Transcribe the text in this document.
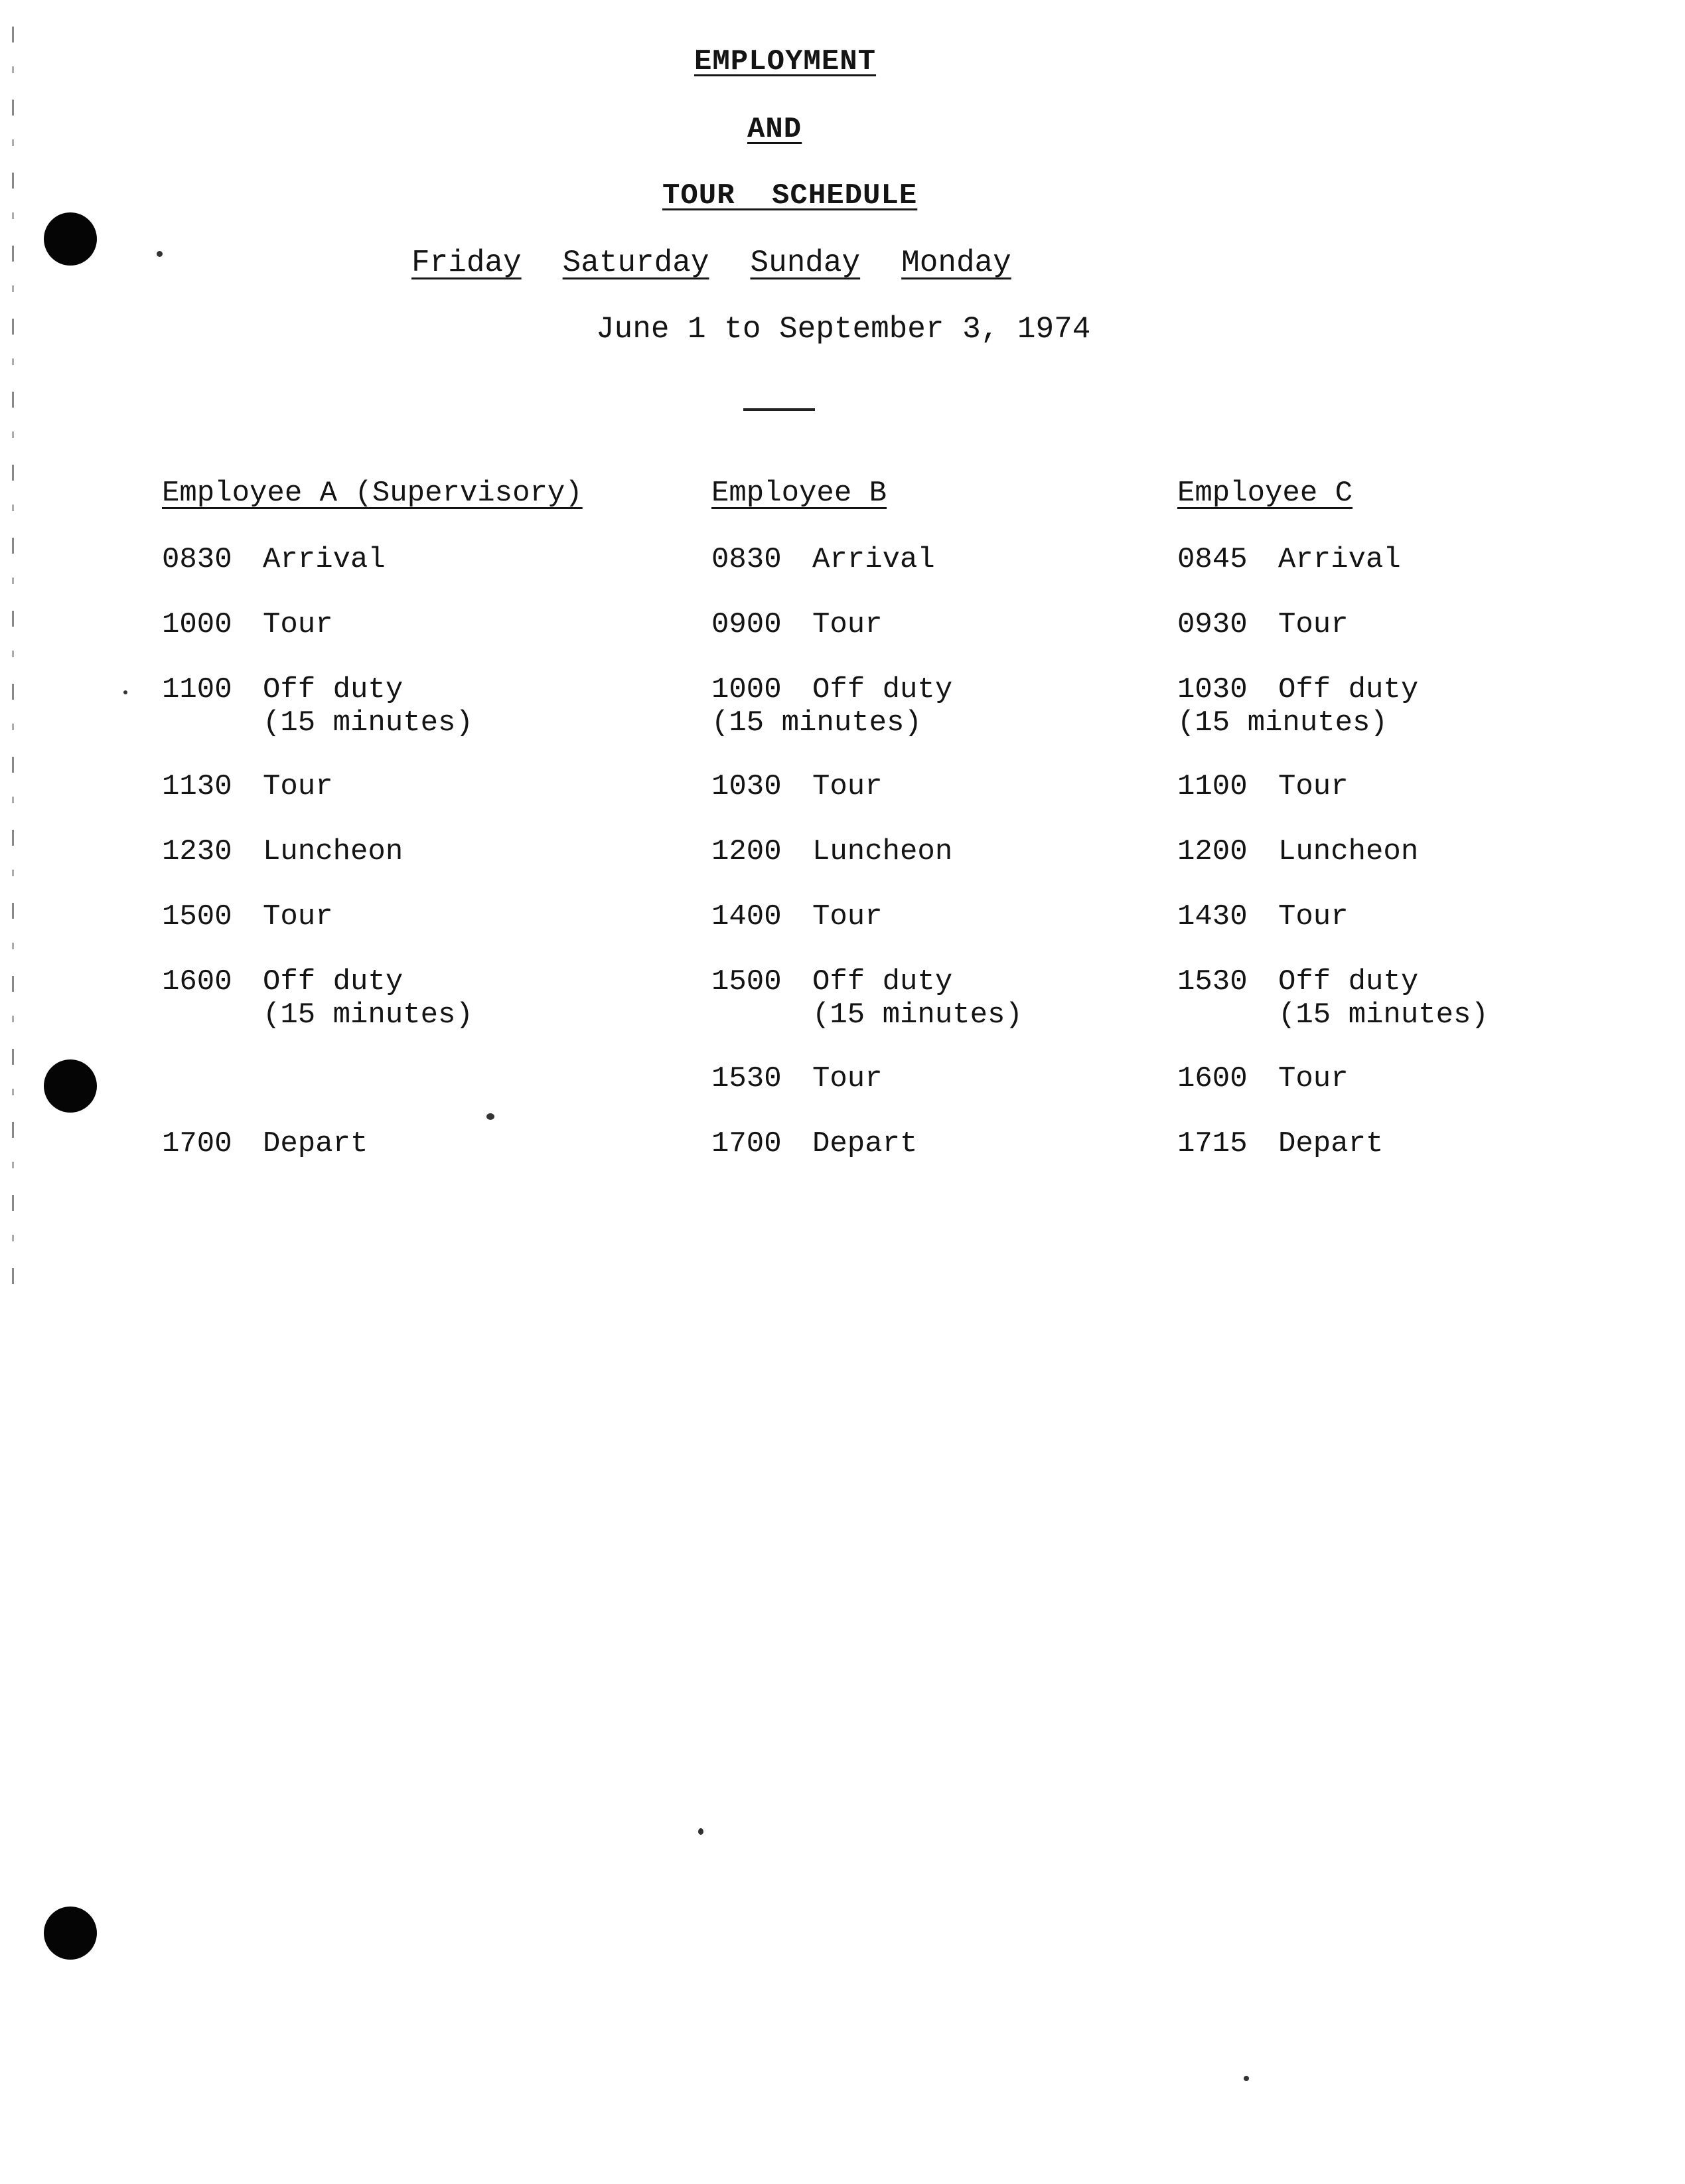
EMPLOYMENT
AND
TOUR SCHEDULE
Friday Saturday Sunday Monday
June 1 to September 3, 1974
Employee A (Supervisory)
0830 Arrival
1000 Tour
1100 Off duty
(15 minutes)
1130 Tour
1230 Luncheon
1500 Tour
1600 Off duty
(15 minutes)
1700 Depart
Employee B
0830 Arrival
0900 Tour
1000 Off duty
(15 minutes)
1030 Tour
1200 Luncheon
1400 Tour
1500 Off duty
(15 minutes)
1530 Tour
1700 Depart
Employee C
0845 Arrival
0930 Tour
1030 Off duty
(15 minutes)
1100 Tour
1200 Luncheon
1430 Tour
1530 Off duty
(15 minutes)
1600 Tour
1715 Depart
